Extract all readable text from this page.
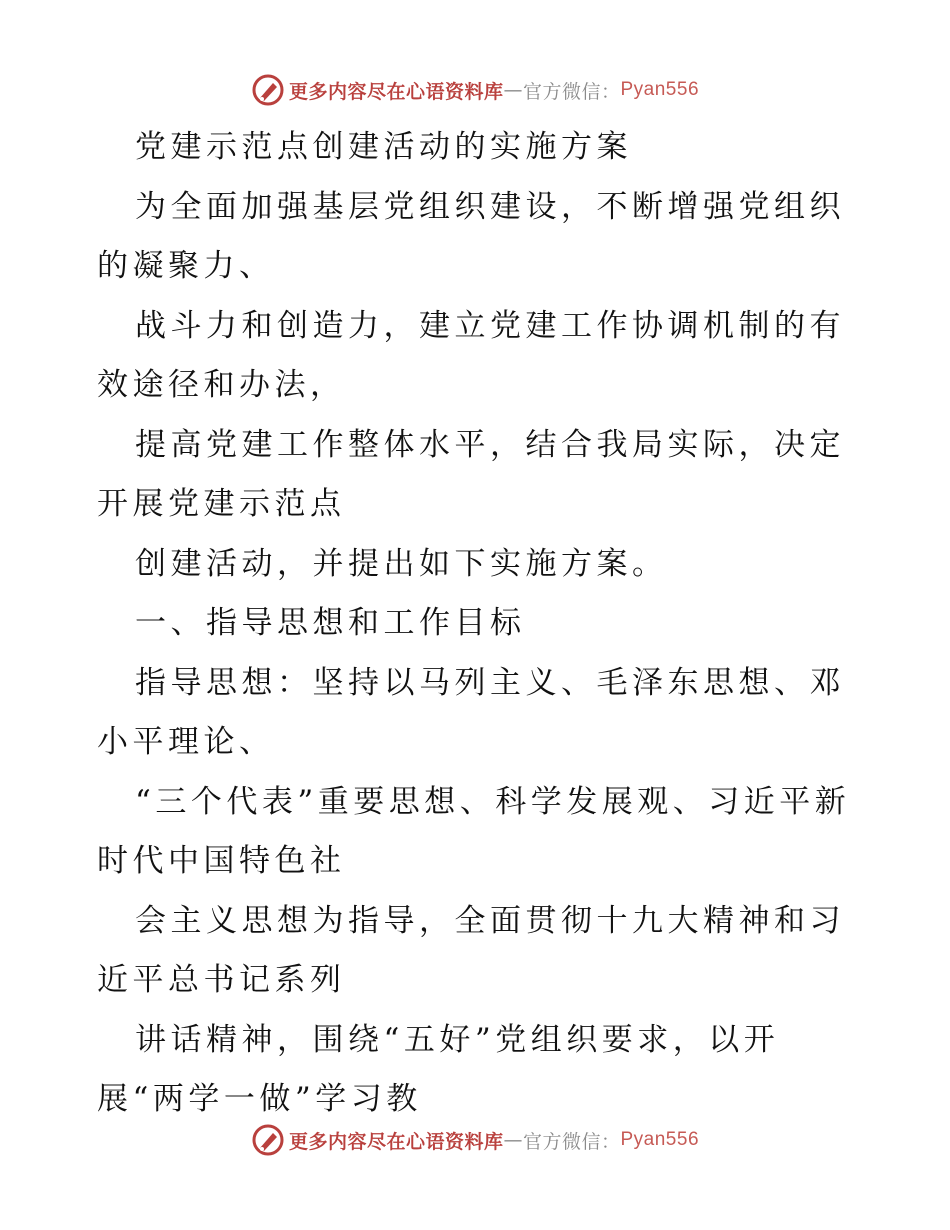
更多内容尽在心语资料库 — 官方微信： Pyan556

党建示范点创建活动的实施方案

为全面加强基层党组织建设，不断增强党组织的凝聚力、

战斗力和创造力，建立党建工作协调机制的有效途径和办法，

提高党建工作整体水平，结合我局实际，决定开展党建示范点

创建活动，并提出如下实施方案。

一、指导思想和工作目标

指导思想：坚持以马列主义、毛泽东思想、邓小平理论、

“三个代表”重要思想、科学发展观、习近平新时代中国特色社

会主义思想为指导，全面贯彻十九大精神和习近平总书记系列

讲话精神，围绕“五好”党组织要求，以开展“两学一做”学习教

更多内容尽在心语资料库 — 官方微信： Pyan556
